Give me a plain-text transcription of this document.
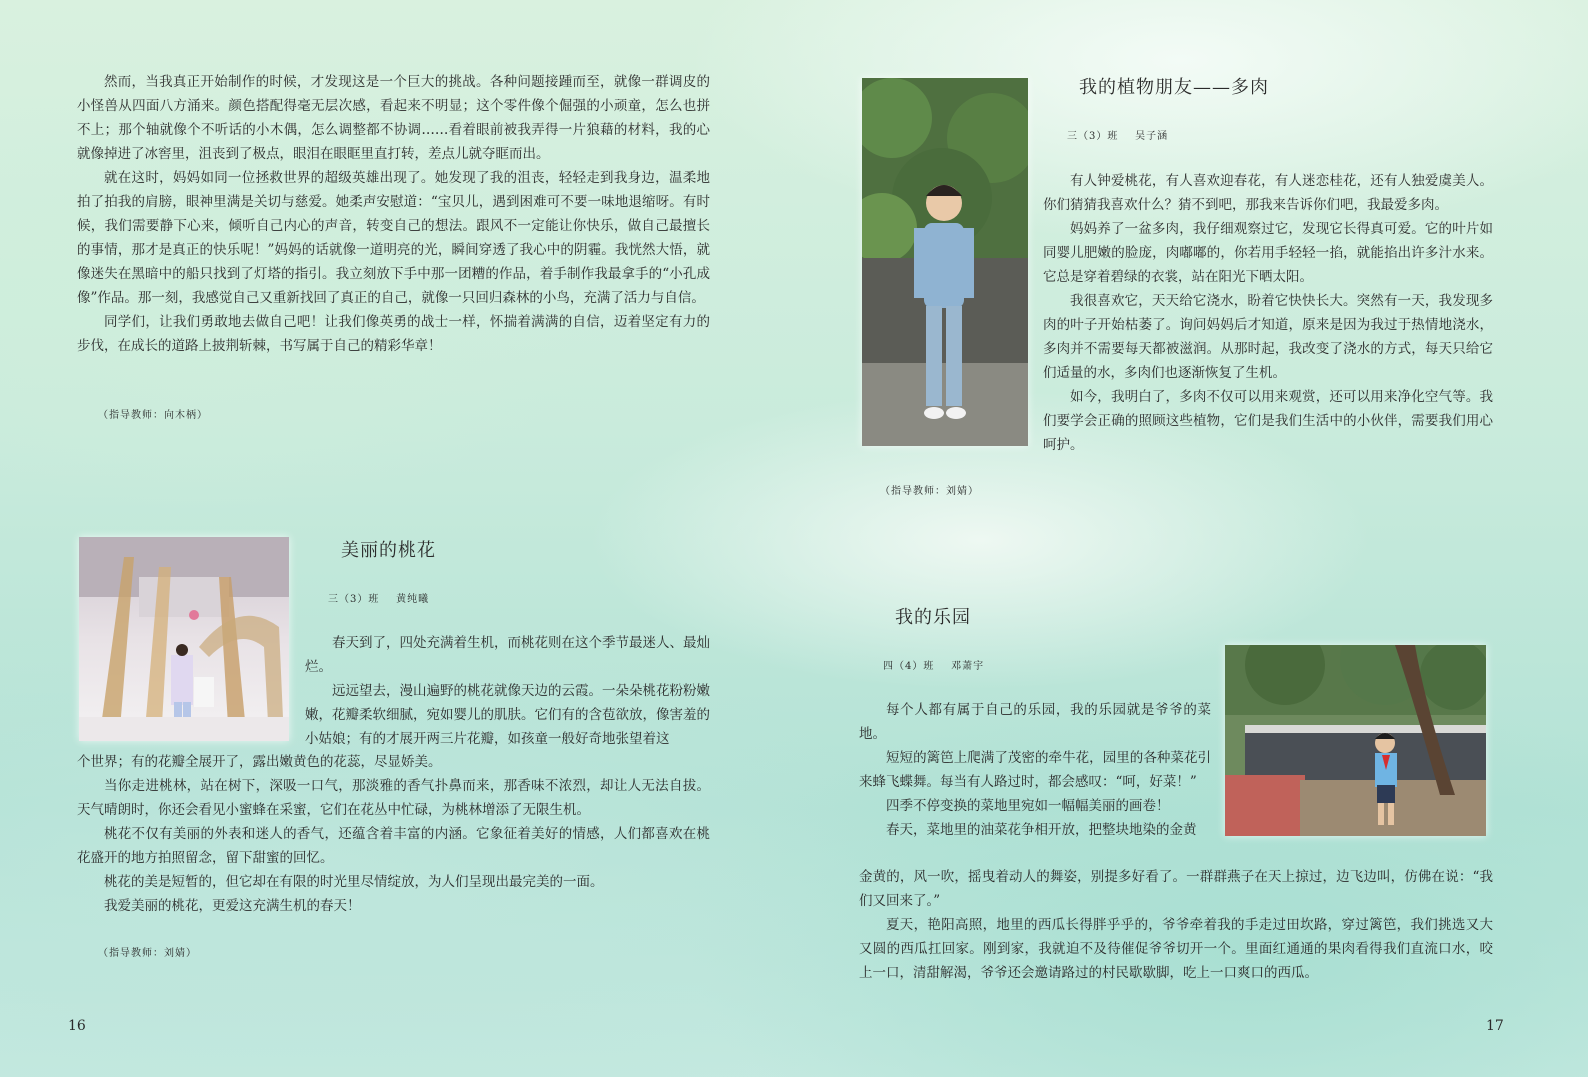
然而，当我真正开始制作的时候，才发现这是一个巨大的挑战。各种问题接踵而至，就像一群调皮的小怪兽从四面八方涌来。颜色搭配得毫无层次感，看起来不明显；这个零件像个倔强的小顽童，怎么也拼不上；那个轴就像个不听话的小木偶，怎么调整都不协调……看着眼前被我弄得一片狼藉的材料，我的心就像掉进了冰窖里，沮丧到了极点，眼泪在眼眶里直打转，差点儿就夺眶而出。

就在这时，妈妈如同一位拯救世界的超级英雄出现了。她发现了我的沮丧，轻轻走到我身边，温柔地拍了拍我的肩膀，眼神里满是关切与慈爱。她柔声安慰道：“宝贝儿，遇到困难可不要一味地退缩呀。有时候，我们需要静下心来，倾听自己内心的声音，转变自己的想法。跟风不一定能让你快乐，做自己最擅长的事情，那才是真正的快乐呢！”妈妈的话就像一道明亮的光，瞬间穿透了我心中的阴霾。我恍然大悟，就像迷失在黑暗中的船只找到了灯塔的指引。我立刻放下手中那一团糟的作品，着手制作我最拿手的“小孔成像”作品。那一刻，我感觉自己又重新找回了真正的自己，就像一只回归森林的小鸟，充满了活力与自信。

同学们，让我们勇敢地去做自己吧！让我们像英勇的战士一样，怀揣着满满的自信，迈着坚定有力的步伐，在成长的道路上披荆斩棘，书写属于自己的精彩华章！

（指导教师：向木柄）
美丽的桃花
三（3）班    黄纯曦

春天到了，四处充满着生机，而桃花则在这个季节最迷人、最灿烂。

远远望去，漫山遍野的桃花就像天边的云霞。一朵朵桃花粉粉嫩嫩，花瓣柔软细腻，宛如婴儿的肌肤。它们有的含苞欲放，像害羞的小姑娘；有的才展开两三片花瓣，如孩童一般好奇地张望着这

个世界；有的花瓣全展开了，露出嫩黄色的花蕊，尽显娇美。

当你走进桃林，站在树下，深吸一口气，那淡雅的香气扑鼻而来，那香味不浓烈，却让人无法自拔。天气晴朗时，你还会看见小蜜蜂在采蜜，它们在花丛中忙碌，为桃林增添了无限生机。

桃花不仅有美丽的外表和迷人的香气，还蕴含着丰富的内涵。它象征着美好的情感，人们都喜欢在桃花盛开的地方拍照留念，留下甜蜜的回忆。

桃花的美是短暂的，但它却在有限的时光里尽情绽放，为人们呈现出最完美的一面。

我爱美丽的桃花，更爱这充满生机的春天！

（指导教师：刘婧）
16
我的植物朋友——多肉
三（3）班    吴子涵

有人钟爱桃花，有人喜欢迎春花，有人迷恋桂花，还有人独爱虞美人。你们猜猜我喜欢什么？猜不到吧，那我来告诉你们吧，我最爱多肉。

妈妈养了一盆多肉，我仔细观察过它，发现它长得真可爱。它的叶片如同婴儿肥嫩的脸庞，肉嘟嘟的，你若用手轻轻一掐，就能掐出许多汁水来。它总是穿着碧绿的衣裳，站在阳光下晒太阳。

我很喜欢它，天天给它浇水，盼着它快快长大。突然有一天，我发现多肉的叶子开始枯萎了。询问妈妈后才知道，原来是因为我过于热情地浇水，多肉并不需要每天都被滋润。从那时起，我改变了浇水的方式，每天只给它们适量的水，多肉们也逐渐恢复了生机。

如今，我明白了，多肉不仅可以用来观赏，还可以用来净化空气等。我们要学会正确的照顾这些植物，它们是我们生活中的小伙伴，需要我们用心呵护。

（指导教师：刘婧）
我的乐园
四（4）班    邓萧宇

每个人都有属于自己的乐园，我的乐园就是爷爷的菜地。

短短的篱笆上爬满了茂密的牵牛花，园里的各种菜花引来蜂飞蝶舞。每当有人路过时，都会感叹：“呵，好菜！”

四季不停变换的菜地里宛如一幅幅美丽的画卷！

春天，菜地里的油菜花争相开放，把整块地染的金黄

金黄的，风一吹，摇曳着动人的舞姿，别提多好看了。一群群燕子在天上掠过，边飞边叫，仿佛在说：“我们又回来了。”

夏天，艳阳高照，地里的西瓜长得胖乎乎的，爷爷牵着我的手走过田坎路，穿过篱笆，我们挑选又大又圆的西瓜扛回家。刚到家，我就迫不及待催促爷爷切开一个。里面红通通的果肉看得我们直流口水，咬上一口，清甜解渴，爷爷还会邀请路过的村民歇歇脚，吃上一口爽口的西瓜。

17
